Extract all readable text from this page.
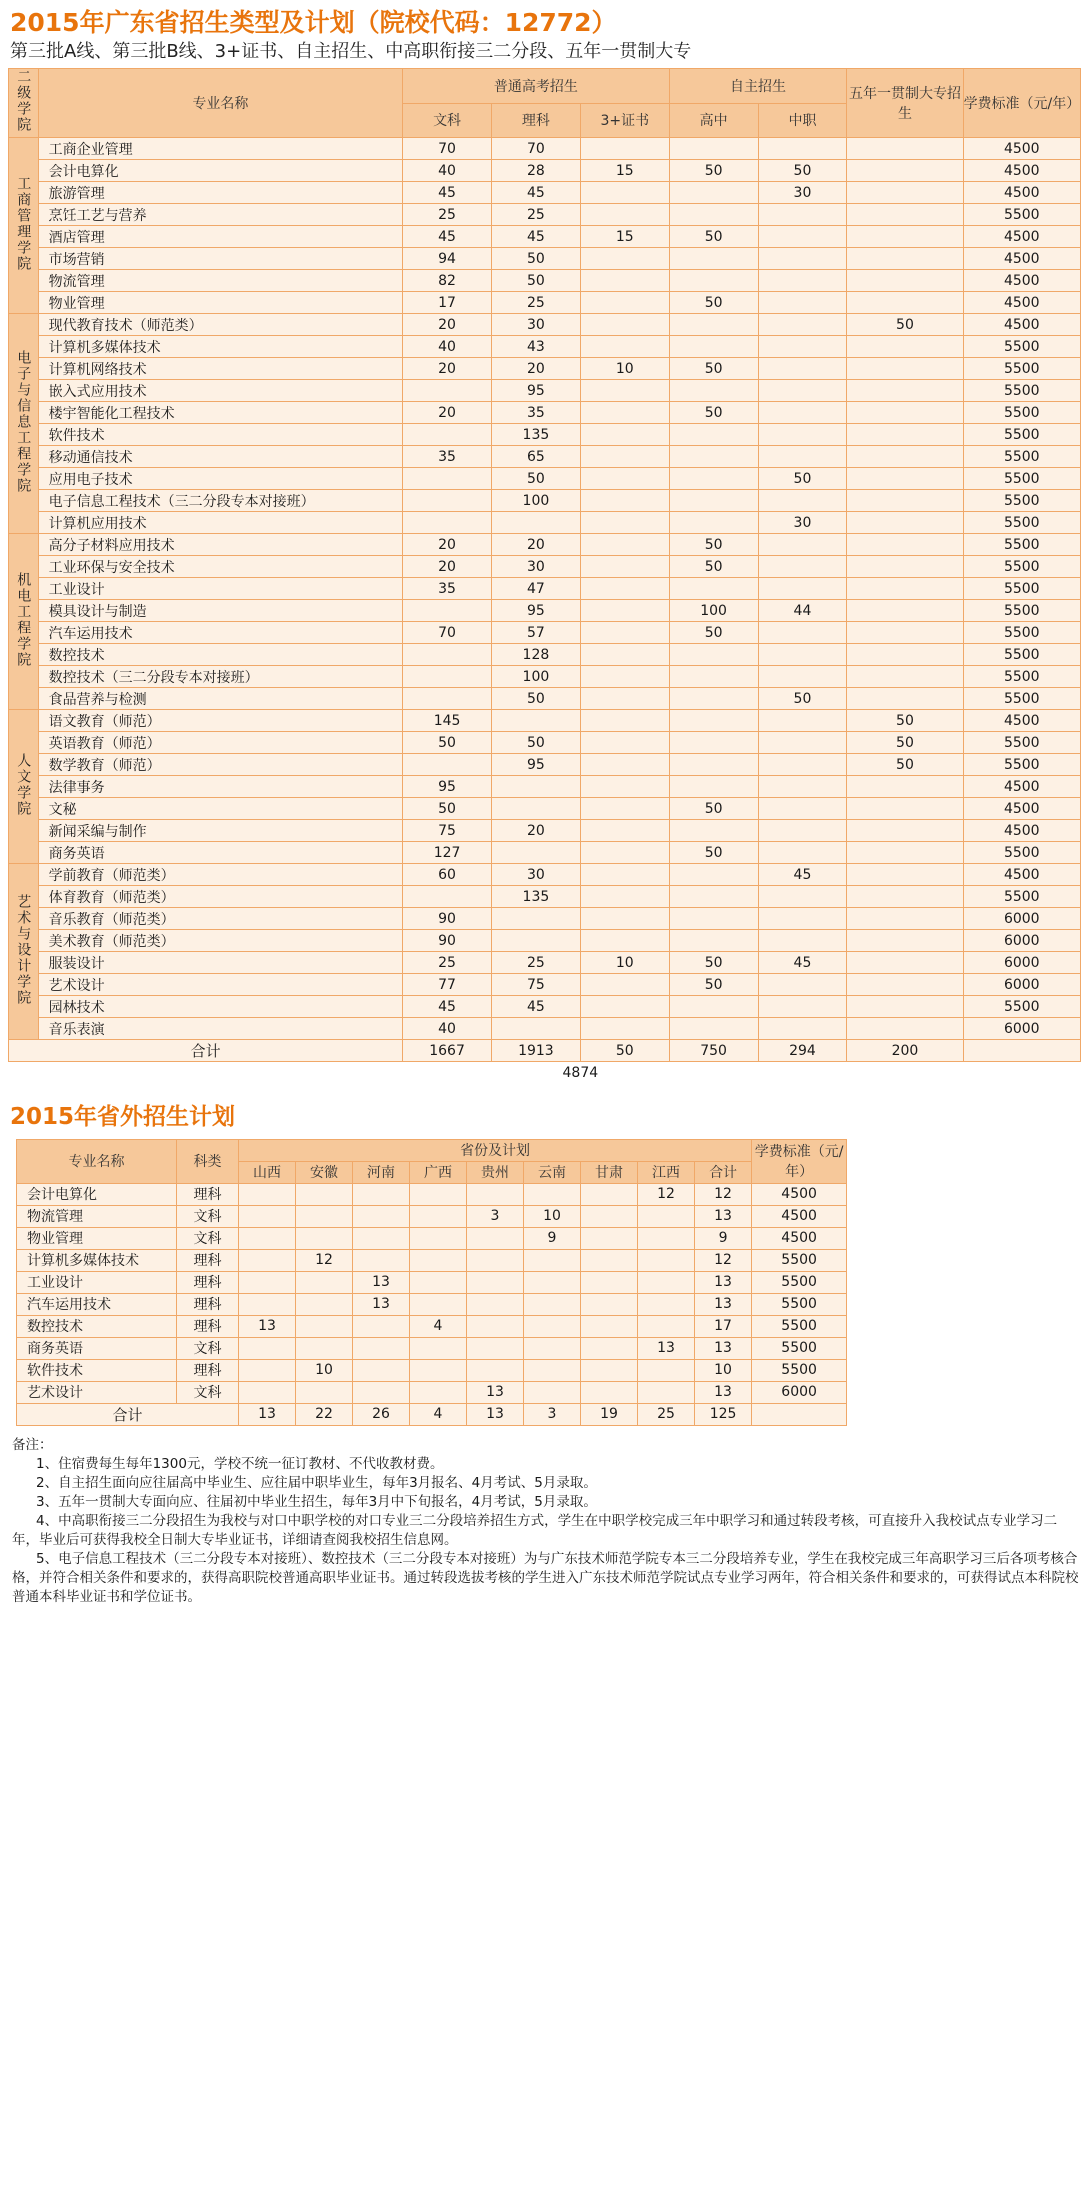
2015年广东省招生类型及计划（院校代码：12772）
第三批A线、第三批B线、3+证书、自主招生、中高职衔接三二分段、五年一贯制大专
二级学院	专业名称	普通高考招生			自主招生		五年一贯制大专招生	学费标准（元/年）
		文科	理科	3+证书	高中	中职		
工商管理学院	工商企业管理	70	70					4500
	会计电算化	40	28	15	50	50		4500
	旅游管理	45	45			30		4500
	烹饪工艺与营养	25	25					5500
	酒店管理	45	45	15	50			4500
	市场营销	94	50					4500
	物流管理	82	50					4500
	物业管理	17	25		50			4500
电子与信息工程学院	现代教育技术（师范类）	20	30				50	4500
	计算机多媒体技术	40	43					5500
	计算机网络技术	20	20	10	50			5500
	嵌入式应用技术		95					5500
	楼宇智能化工程技术	20	35		50			5500
	软件技术		135					5500
	移动通信技术	35	65					5500
	应用电子技术		50			50		5500
	电子信息工程技术（三二分段专本对接班）		100					5500
	计算机应用技术					30		5500
机电工程学院	高分子材料应用技术	20	20		50			5500
	工业环保与安全技术	20	30		50			5500
	工业设计	35	47					5500
	模具设计与制造		95		100	44		5500
	汽车运用技术	70	57		50			5500
	数控技术		128					5500
	数控技术（三二分段专本对接班）		100					5500
	食品营养与检测		50			50		5500
人文学院	语文教育（师范）	145					50	4500
	英语教育（师范）	50	50				50	5500
	数学教育（师范）		95				50	5500
	法律事务	95						4500
	文秘	50			50			4500
	新闻采编与制作	75	20					4500
	商务英语	127			50			5500
艺术与设计学院	学前教育（师范类）	60	30			45		4500
	体育教育（师范类）		135					5500
	音乐教育（师范类）	90						6000
	美术教育（师范类）	90						6000
	服装设计	25	25	10	50	45		6000
	艺术设计	77	75		50			6000
	园林技术	45	45					5500
	音乐表演	40						6000
合计		1667	1913	50	750	294	200	
			4874					
2015年省外招生计划
专业名称	科类	省份及计划									学费标准（元/年）
		山西	安徽	河南	广西	贵州	云南	甘肃	江西	合计	
会计电算化	理科								12	12	4500
物流管理	文科					3	10			13	4500
物业管理	文科						9			9	4500
计算机多媒体技术	理科		12							12	5500
工业设计	理科			13						13	5500
汽车运用技术	理科			13						13	5500
数控技术	理科	13			4					17	5500
商务英语	文科								13	13	5500
软件技术	理科		10							10	5500
艺术设计	文科					13				13	6000
合计		13	22	26	4	13	3	19	25	125	

备注：

1、住宿费每生每年1300元，学校不统一征订教材、不代收教材费。

2、自主招生面向应往届高中毕业生、应往届中职毕业生，每年3月报名、4月考试、5月录取。

3、五年一贯制大专面向应、往届初中毕业生招生，每年3月中下旬报名，4月考试，5月录取。

4、中高职衔接三二分段招生为我校与对口中职学校的对口专业三二分段培养招生方式，学生在中职学校完成三年中职学习和通过转段考核，可直接升入我校试点专业学习二年，毕业后可获得我校全日制大专毕业证书，详细请查阅我校招生信息网。

5、电子信息工程技术（三二分段专本对接班）、数控技术（三二分段专本对接班）为与广东技术师范学院专本三二分段培养专业，学生在我校完成三年高职学习三后各项考核合格，并符合相关条件和要求的，获得高职院校普通高职毕业证书。通过转段选拔考核的学生进入广东技术师范学院试点专业学习两年，符合相关条件和要求的，可获得试点本科院校普通本科毕业证书和学位证书。
